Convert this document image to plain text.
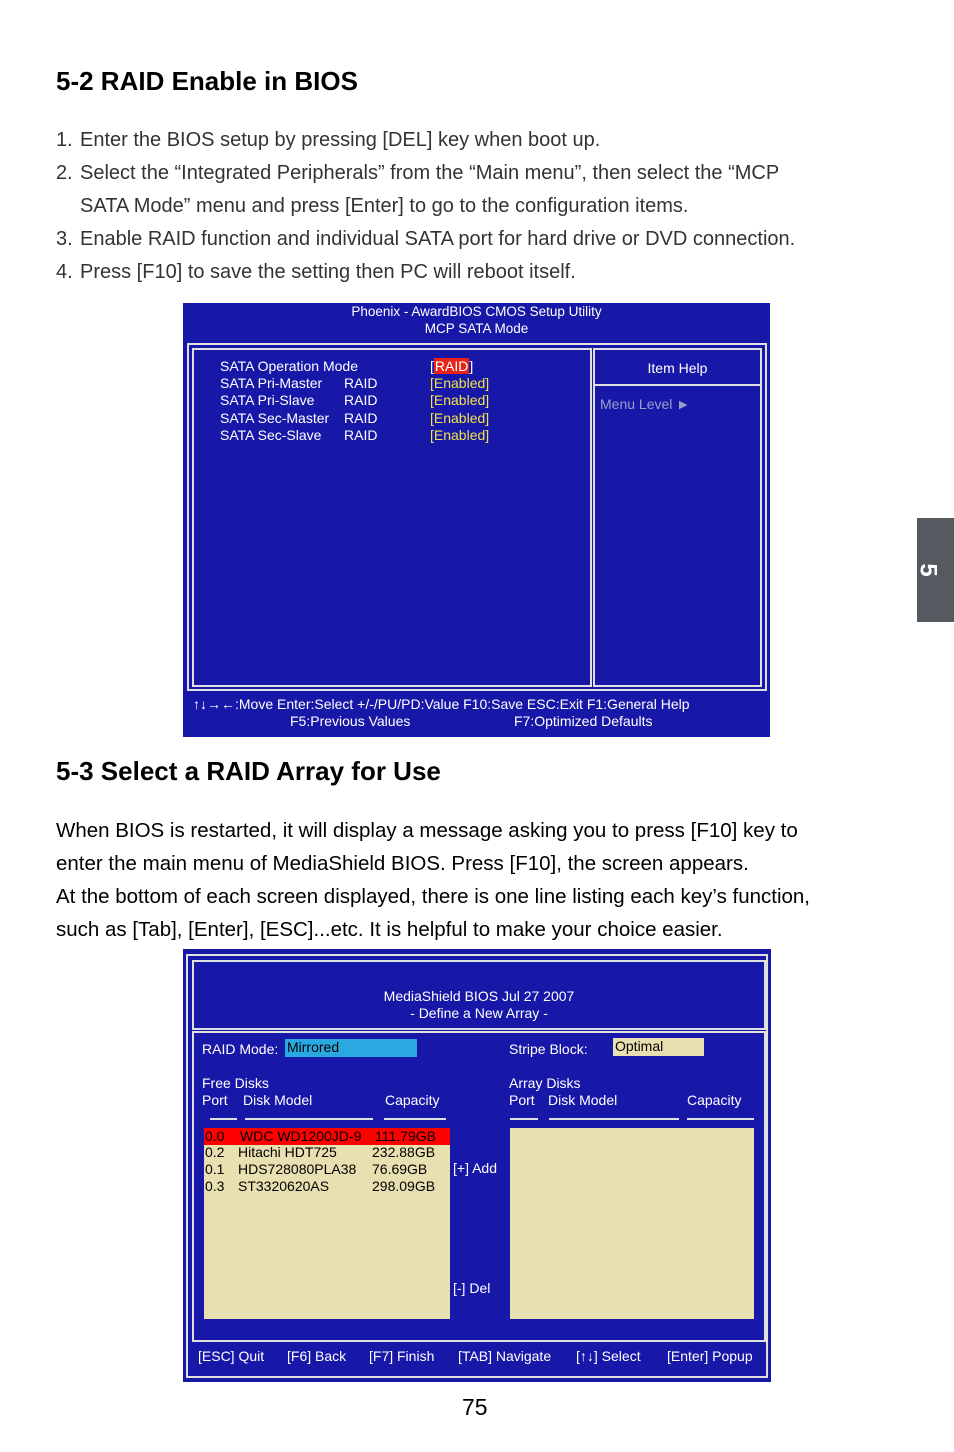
5-2 RAID Enable in BIOS
1. Enter the BIOS setup by pressing [DEL] key when boot up.
2. Select the “Integrated Peripherals” from the “Main menu”, then select the “MCP
SATA Mode” menu and press [Enter] to go to the configuration items.
3. Enable RAID function and individual SATA port for hard drive or DVD connection.
4. Press [F10] to save the setting then PC will reboot itself.
Phoenix - AwardBIOS CMOS Setup Utility
MCP SATA Mode
SATA Operation Mode	[RAID]
SATA Pri-Master RAID	[Enabled]
SATA Pri-Slave RAID	[Enabled]
SATA Sec-Master RAID	[Enabled]
SATA Sec-Slave RAID	[Enabled]
Item Help
Menu Level ►
↑↓→←:Move Enter:Select +/-/PU/PD:Value F10:Save ESC:Exit F1:General Help
F5:Previous Values	F7:Optimized Defaults
5-3 Select a RAID Array for Use
When BIOS is restarted, it will display a message asking you to press [F10] key to
enter the main menu of MediaShield BIOS. Press [F10], the screen appears.
At the bottom of each screen displayed, there is one line listing each key’s function,
such as [Tab], [Enter], [ESC]...etc. It is helpful to make your choice easier.
MediaShield BIOS Jul 27 2007
- Define a New Array -
RAID Mode: Mirrored	Stripe Block: Optimal
Free Disks
Port Disk Model	Capacity
Array Disks
Port Disk Model	Capacity
0.0 WDC WD1200JD-9 111.79GB
0.2 Hitachi HDT725	232.88GB
0.1 HDS728080PLA38 76.69GB
0.3 ST3320620AS	298.09GB
[+] Add
[-] Del
[ESC] Quit [F6] Back [F7] Finish [TAB] Navigate [↑↓] Select [Enter] Popup
5
75
